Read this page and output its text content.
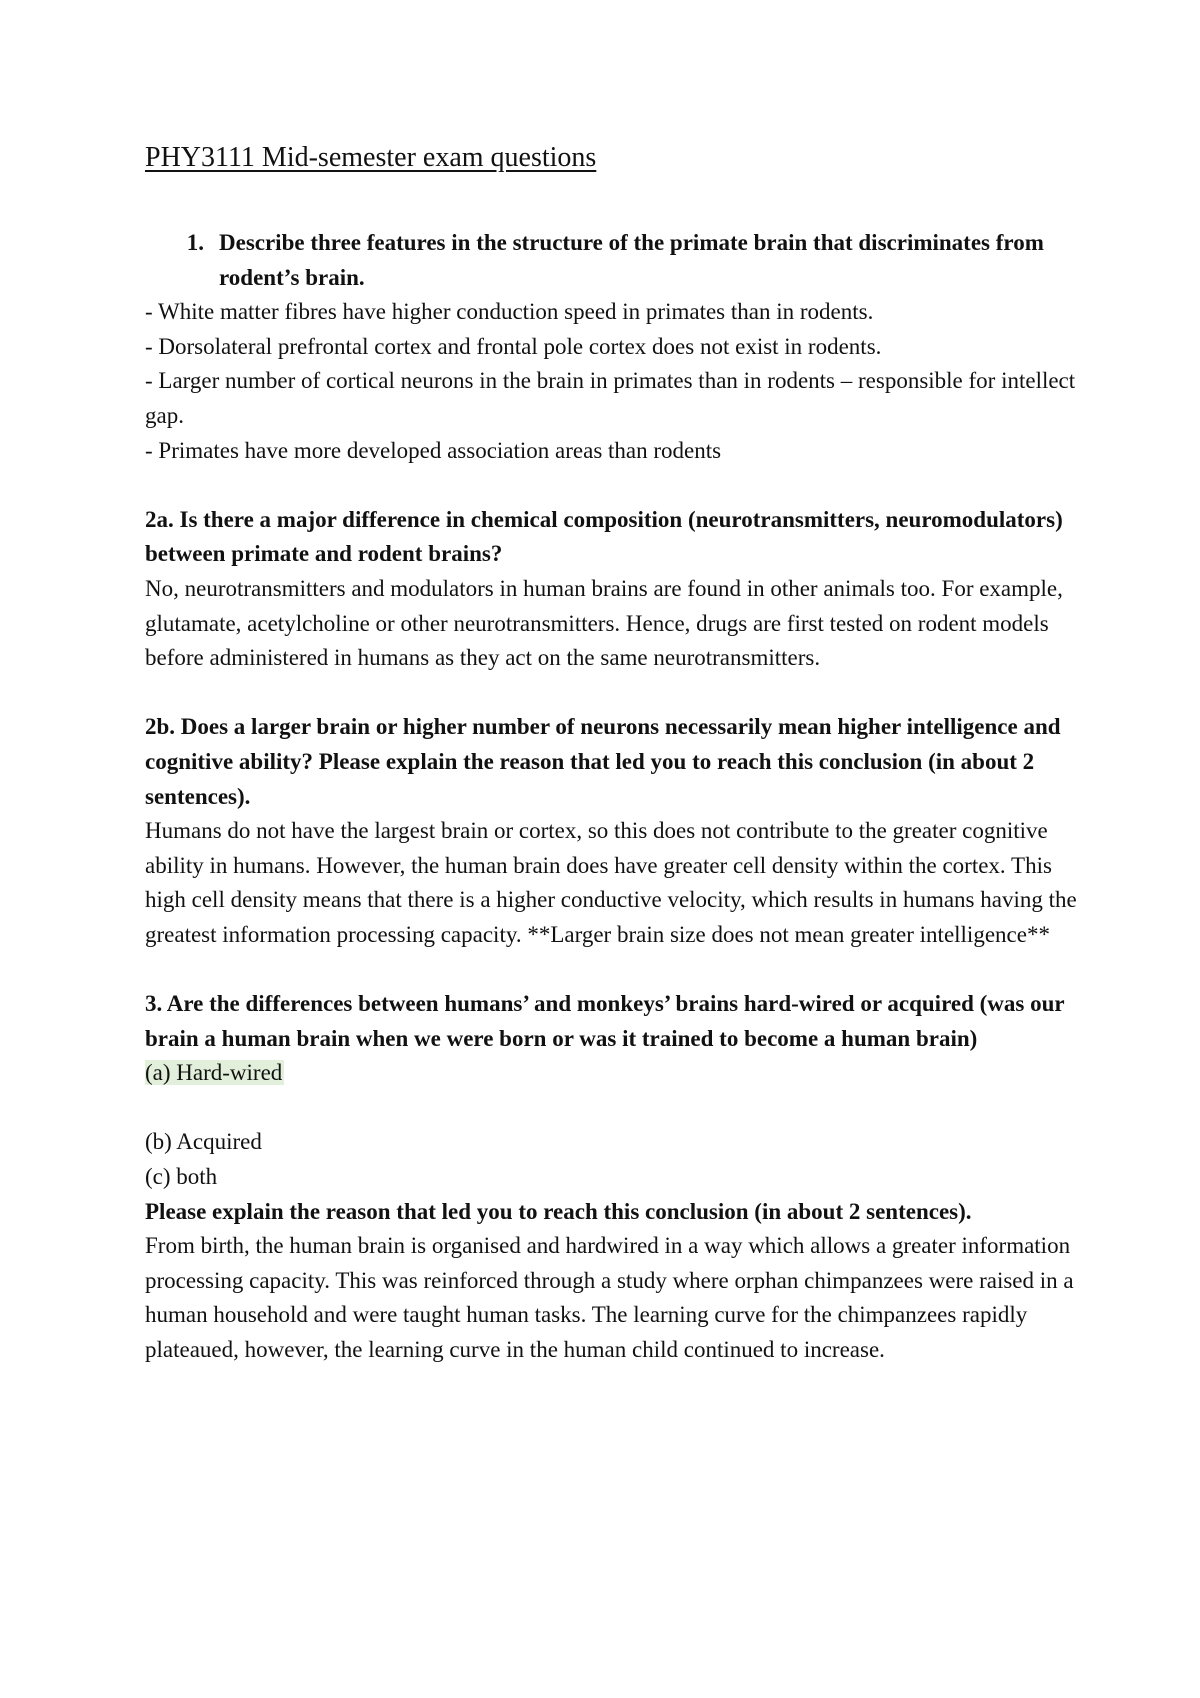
PHY3111 Mid-semester exam questions
1. Describe three features in the structure of the primate brain that discriminates from rodent’s brain.

- White matter fibres have higher conduction speed in primates than in rodents.

- Dorsolateral prefrontal cortex and frontal pole cortex does not exist in rodents.

- Larger number of cortical neurons in the brain in primates than in rodents – responsible for intellect gap.

- Primates have more developed association areas than rodents

2a. Is there a major difference in chemical composition (neurotransmitters, neuromodulators) between primate and rodent brains?

No, neurotransmitters and modulators in human brains are found in other animals too. For example, glutamate, acetylcholine or other neurotransmitters. Hence, drugs are first tested on rodent models before administered in humans as they act on the same neurotransmitters.

2b. Does a larger brain or higher number of neurons necessarily mean higher intelligence and cognitive ability? Please explain the reason that led you to reach this conclusion (in about 2 sentences).

Humans do not have the largest brain or cortex, so this does not contribute to the greater cognitive ability in humans. However, the human brain does have greater cell density within the cortex. This high cell density means that there is a higher conductive velocity, which results in humans having the greatest information processing capacity. **Larger brain size does not mean greater intelligence**

3. Are the differences between humans’ and monkeys’ brains hard-wired or acquired (was our brain a human brain when we were born or was it trained to become a human brain)

(a) Hard-wired

(b) Acquired

(c) both

Please explain the reason that led you to reach this conclusion (in about 2 sentences).

From birth, the human brain is organised and hardwired in a way which allows a greater information processing capacity. This was reinforced through a study where orphan chimpanzees were raised in a human household and were taught human tasks. The learning curve for the chimpanzees rapidly plateaued, however, the learning curve in the human child continued to increase.
